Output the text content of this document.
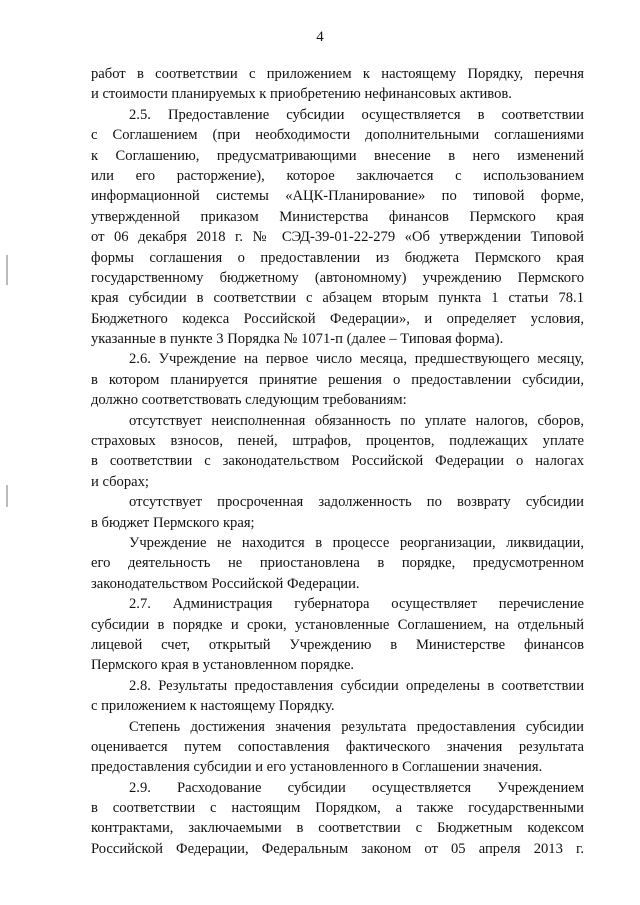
4
работ в соответствии с приложением к настоящему Порядку, перечня
и стоимости планируемых к приобретению нефинансовых активов.
2.5. Предоставление субсидии осуществляется в соответствии
с Соглашением (при необходимости дополнительными соглашениями
к Соглашению, предусматривающими внесение в него изменений
или его расторжение), которое заключается с использованием
информационной системы «АЦК-Планирование» по типовой форме,
утвержденной приказом Министерства финансов Пермского края
от 06 декабря 2018 г. № СЭД-39-01-22-279 «Об утверждении Типовой
формы соглашения о предоставлении из бюджета Пермского края
государственному бюджетному (автономному) учреждению Пермского
края субсидии в соответствии с абзацем вторым пункта 1 статьи 78.1
Бюджетного кодекса Российской Федерации», и определяет условия,
указанные в пункте 3 Порядка № 1071-п (далее – Типовая форма).
2.6. Учреждение на первое число месяца, предшествующего месяцу,
в котором планируется принятие решения о предоставлении субсидии,
должно соответствовать следующим требованиям:
отсутствует неисполненная обязанность по уплате налогов, сборов,
страховых взносов, пеней, штрафов, процентов, подлежащих уплате
в соответствии с законодательством Российской Федерации о налогах
и сборах;
отсутствует просроченная задолженность по возврату субсидии
в бюджет Пермского края;
Учреждение не находится в процессе реорганизации, ликвидации,
его деятельность не приостановлена в порядке, предусмотренном
законодательством Российской Федерации.
2.7. Администрация губернатора осуществляет перечисление
субсидии в порядке и сроки, установленные Соглашением, на отдельный
лицевой счет, открытый Учреждению в Министерстве финансов
Пермского края в установленном порядке.
2.8. Результаты предоставления субсидии определены в соответствии
с приложением к настоящему Порядку.
Степень достижения значения результата предоставления субсидии
оценивается путем сопоставления фактического значения результата
предоставления субсидии и его установленного в Соглашении значения.
2.9. Расходование субсидии осуществляется Учреждением
в соответствии с настоящим Порядком, а также государственными
контрактами, заключаемыми в соответствии с Бюджетным кодексом
Российской Федерации, Федеральным законом от 05 апреля 2013 г.
